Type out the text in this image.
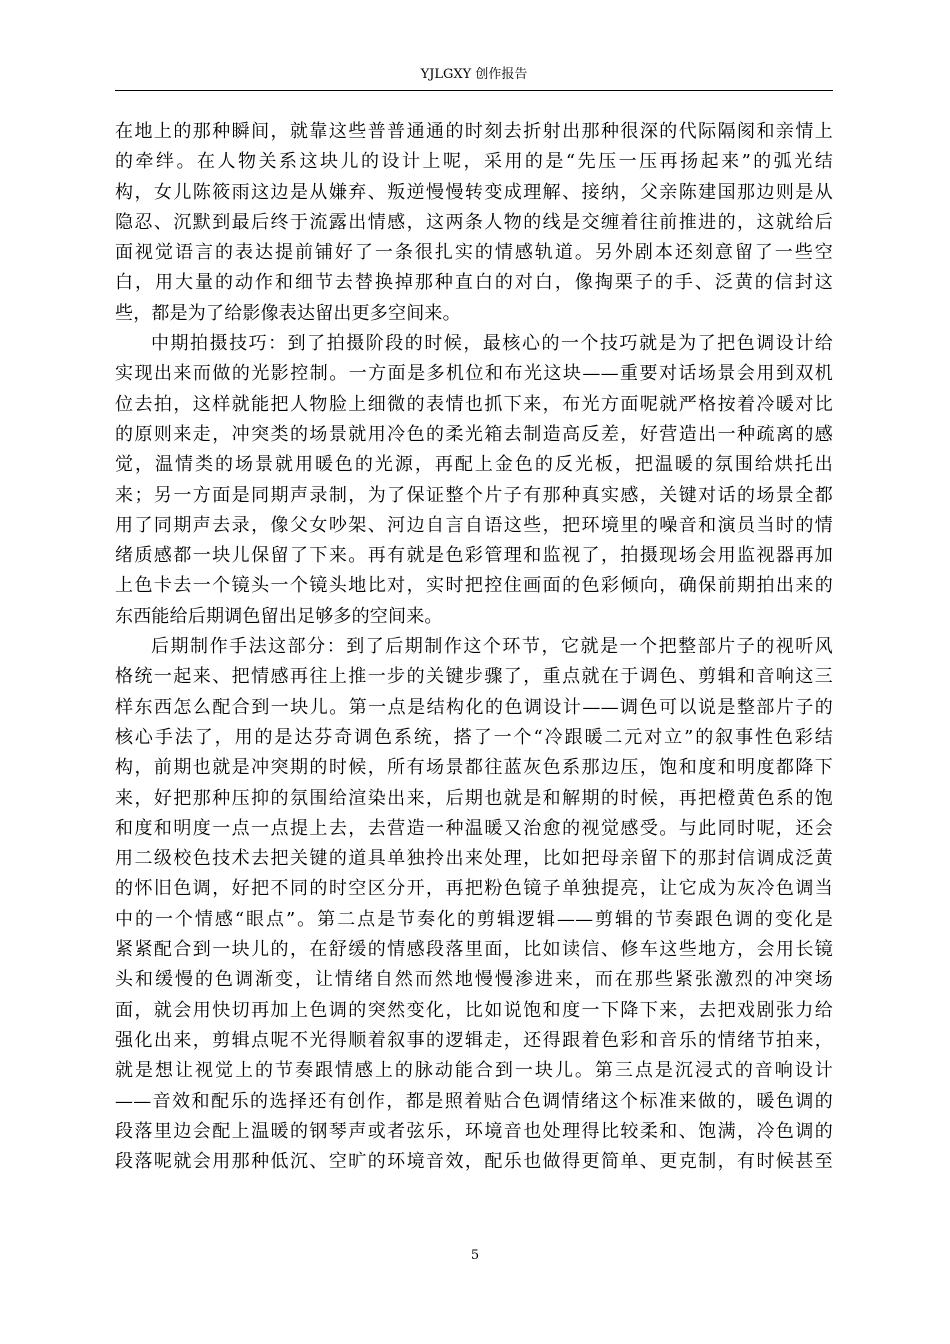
YJLGXY 创作报告
在地上的那种瞬间，就靠这些普普通通的时刻去折射出那种很深的代际隔阂和亲情上
的牵绊。在人物关系这块儿的设计上呢，采用的是“先压一压再扬起来”的弧光结
构，女儿陈筱雨这边是从嫌弃、叛逆慢慢转变成理解、接纳，父亲陈建国那边则是从
隐忍、沉默到最后终于流露出情感，这两条人物的线是交缠着往前推进的，这就给后
面视觉语言的表达提前铺好了一条很扎实的情感轨道。另外剧本还刻意留了一些空
白，用大量的动作和细节去替换掉那种直白的对白，像掏栗子的手、泛黄的信封这
些，都是为了给影像表达留出更多空间来。
中期拍摄技巧：到了拍摄阶段的时候，最核心的一个技巧就是为了把色调设计给
实现出来而做的光影控制。一方面是多机位和布光这块——重要对话场景会用到双机
位去拍，这样就能把人物脸上细微的表情也抓下来，布光方面呢就严格按着冷暖对比
的原则来走，冲突类的场景就用冷色的柔光箱去制造高反差，好营造出一种疏离的感
觉，温情类的场景就用暖色的光源，再配上金色的反光板，把温暖的氛围给烘托出
来；另一方面是同期声录制，为了保证整个片子有那种真实感，关键对话的场景全都
用了同期声去录，像父女吵架、河边自言自语这些，把环境里的噪音和演员当时的情
绪质感都一块儿保留了下来。再有就是色彩管理和监视了，拍摄现场会用监视器再加
上色卡去一个镜头一个镜头地比对，实时把控住画面的色彩倾向，确保前期拍出来的
东西能给后期调色留出足够多的空间来。
后期制作手法这部分：到了后期制作这个环节，它就是一个把整部片子的视听风
格统一起来、把情感再往上推一步的关键步骤了，重点就在于调色、剪辑和音响这三
样东西怎么配合到一块儿。第一点是结构化的色调设计——调色可以说是整部片子的
核心手法了，用的是达芬奇调色系统，搭了一个“冷跟暖二元对立”的叙事性色彩结
构，前期也就是冲突期的时候，所有场景都往蓝灰色系那边压，饱和度和明度都降下
来，好把那种压抑的氛围给渲染出来，后期也就是和解期的时候，再把橙黄色系的饱
和度和明度一点一点提上去，去营造一种温暖又治愈的视觉感受。与此同时呢，还会
用二级校色技术去把关键的道具单独拎出来处理，比如把母亲留下的那封信调成泛黄
的怀旧色调，好把不同的时空区分开，再把粉色镜子单独提亮，让它成为灰冷色调当
中的一个情感“眼点”。第二点是节奏化的剪辑逻辑——剪辑的节奏跟色调的变化是
紧紧配合到一块儿的，在舒缓的情感段落里面，比如读信、修车这些地方，会用长镜
头和缓慢的色调渐变，让情绪自然而然地慢慢渗进来，而在那些紧张激烈的冲突场
面，就会用快切再加上色调的突然变化，比如说饱和度一下降下来，去把戏剧张力给
强化出来，剪辑点呢不光得顺着叙事的逻辑走，还得跟着色彩和音乐的情绪节拍来，
就是想让视觉上的节奏跟情感上的脉动能合到一块儿。第三点是沉浸式的音响设计
——音效和配乐的选择还有创作，都是照着贴合色调情绪这个标准来做的，暖色调的
段落里边会配上温暖的钢琴声或者弦乐，环境音也处理得比较柔和、饱满，冷色调的
段落呢就会用那种低沉、空旷的环境音效，配乐也做得更简单、更克制，有时候甚至
5
